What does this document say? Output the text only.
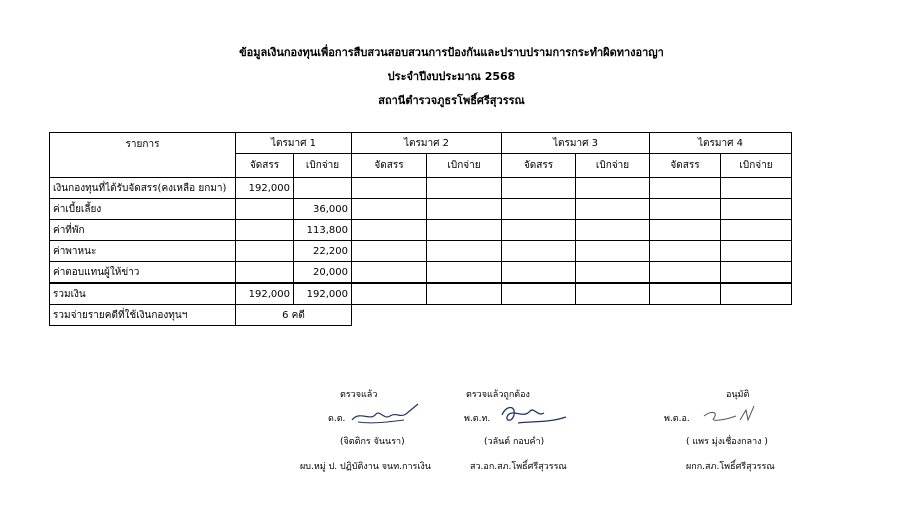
ข้อมูลเงินกองทุนเพื่อการสืบสวนสอบสวนการป้องกันและปราบปรามการกระทำผิดทางอาญา
ประจำปีงบประมาณ 2568
สถานีตำรวจภูธรโพธิ์ศรีสุวรรณ
รายการ	ไตรมาศ 1		ไตรมาศ 2		ไตรมาศ 3		ไตรมาศ 4	
	จัดสรร	เบิกจ่าย	จัดสรร	เบิกจ่าย	จัดสรร	เบิกจ่าย	จัดสรร	เบิกจ่าย
เงินกองทุนที่ได้รับจัดสรร(คงเหลือ ยกมา)	192,000							
ค่าเบี้ยเลี้ยง		36,000						
ค่าที่พัก		113,800						
ค่าพาหนะ		22,200						
ค่าตอบแทนผู้ให้ข่าว		20,000						
รวมเงิน	192,000	192,000						
รวมจ่ายรายคดีที่ใช้เงินกองทุนฯ	6 คดี							
ตรวจแล้ว
ด.ต.
(จิตติกร จันนรา)
ผบ.หมู่ ป. ปฏิบัติงาน จนท.การเงิน
ตรวจแล้วถูกต้อง
พ.ต.ท.
(วลันต์ กอบคำ)
สว.อก.สภ.โพธิ์ศรีสุวรรณ
อนุมัติ
พ.ต.อ.
( แพร มุ่งเชื่องกลาง )
ผกก.สภ.โพธิ์ศรีสุวรรณ
